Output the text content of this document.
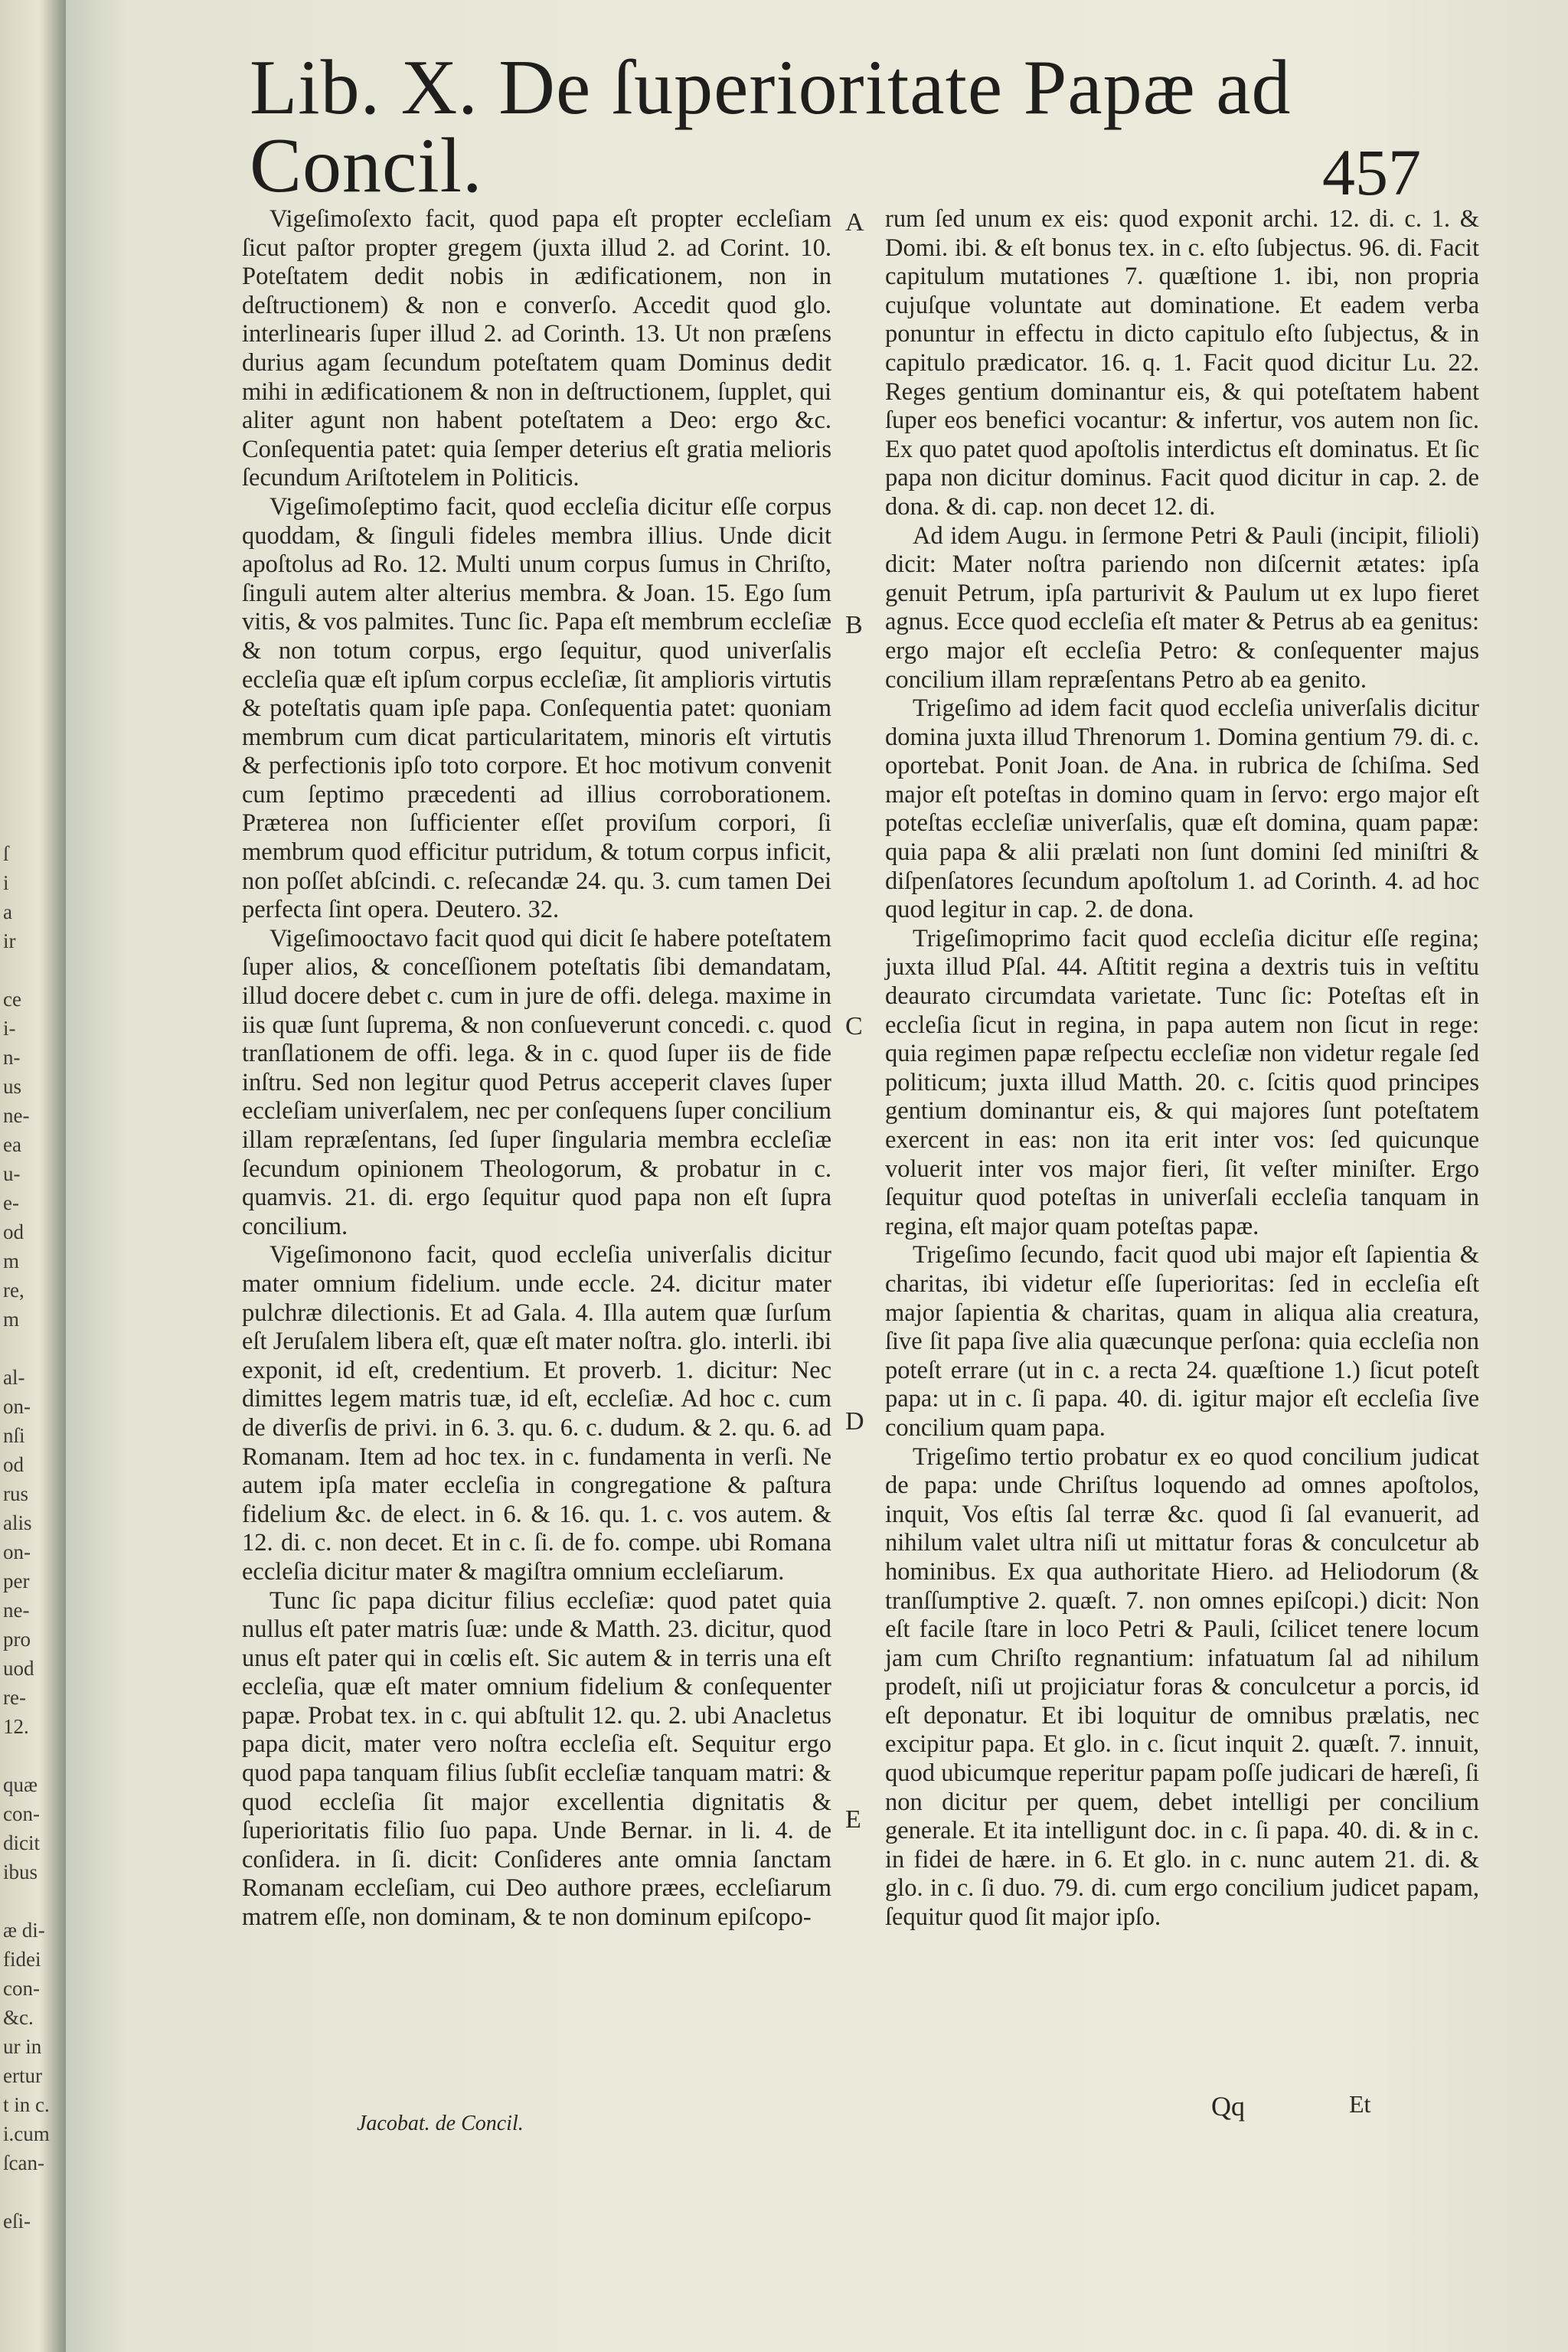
ſ
i
a
ir
ce
i-
n-
us
ne-
ea
u-
e-
od
m
re,
m
al-
on-
nſi
od
rus
alis
on-
per
ne-
pro
uod
re-
12.
quæ
con-
dicit
ibus
æ di-
fidei
con-
&c.
ur in
ertur
t in c.
i.cum
ſcan-
eſi-
Lib. X. De ſuperioritate Papæ ad Concil.	457

Vigeſimoſexto facit, quod papa eſt propter eccleſiam ſicut paſtor propter gregem (juxta illud 2. ad Corint. 10. Poteſtatem dedit nobis in ædificationem, non in deſtructionem) & non e converſo. Accedit quod glo. interlinearis ſuper illud 2. ad Corinth. 13. Ut non præſens durius agam ſecundum poteſtatem quam Dominus dedit mihi in ædificationem & non in deſtructionem, ſupplet, qui aliter agunt non habent poteſtatem a Deo: ergo &c. Conſequentia patet: quia ſemper deterius eſt gratia melioris ſecundum Ariſtotelem in Politicis.

Vigeſimoſeptimo facit, quod eccleſia dicitur eſſe corpus quoddam, & ſinguli fideles membra illius. Unde dicit apoſtolus ad Ro. 12. Multi unum corpus ſumus in Chriſto, ſinguli autem alter alterius membra. & Joan. 15. Ego ſum vitis, & vos palmites. Tunc ſic. Papa eſt membrum eccleſiæ & non totum corpus, ergo ſequitur, quod univerſalis eccleſia quæ eſt ipſum corpus eccleſiæ, ſit amplioris virtutis & poteſtatis quam ipſe papa. Conſequentia patet: quoniam membrum cum dicat particularitatem, minoris eſt virtutis & perfectionis ipſo toto corpore. Et hoc motivum convenit cum ſeptimo præcedenti ad illius corroborationem. Præterea non ſufficienter eſſet proviſum corpori, ſi membrum quod efficitur putridum, & totum corpus inficit, non poſſet abſcindi. c. reſecandæ 24. qu. 3. cum tamen Dei perfecta ſint opera. Deutero. 32.

Vigeſimooctavo facit quod qui dicit ſe habere poteſtatem ſuper alios, & conceſſionem poteſtatis ſibi demandatam, illud docere debet c. cum in jure de offi. delega. maxime in iis quæ ſunt ſuprema, & non conſueverunt concedi. c. quod tranſlationem de offi. lega. & in c. quod ſuper iis de fide inſtru. Sed non legitur quod Petrus acceperit claves ſuper eccleſiam univerſalem, nec per conſequens ſuper concilium illam repræſentans, ſed ſuper ſingularia membra eccleſiæ ſecundum opinionem Theologorum, & probatur in c. quamvis. 21. di. ergo ſequitur quod papa non eſt ſupra concilium.

Vigeſimonono facit, quod eccleſia univerſalis dicitur mater omnium fidelium. unde eccle. 24. dicitur mater pulchræ dilectionis. Et ad Gala. 4. Illa autem quæ ſurſum eſt Jeruſalem libera eſt, quæ eſt mater noſtra. glo. interli. ibi exponit, id eſt, credentium. Et proverb. 1. dicitur: Nec dimittes legem matris tuæ, id eſt, eccleſiæ. Ad hoc c. cum de diverſis de privi. in 6. 3. qu. 6. c. dudum. & 2. qu. 6. ad Romanam. Item ad hoc tex. in c. fundamenta in verſi. Ne autem ipſa mater eccleſia in congregatione & paſtura fidelium &c. de elect. in 6. & 16. qu. 1. c. vos autem. & 12. di. c. non decet. Et in c. ſi. de fo. compe. ubi Romana eccleſia dicitur mater & magiſtra omnium eccleſiarum.

Tunc ſic papa dicitur filius eccleſiæ: quod patet quia nullus eſt pater matris ſuæ: unde & Matth. 23. dicitur, quod unus eſt pater qui in cœlis eſt. Sic autem & in terris una eſt eccleſia, quæ eſt mater omnium fidelium & conſequenter papæ. Probat tex. in c. qui abſtulit 12. qu. 2. ubi Anacletus papa dicit, mater vero noſtra eccleſia eſt. Sequitur ergo quod papa tanquam filius ſubſit eccleſiæ tanquam matri: & quod eccleſia ſit major excellentia dignitatis & ſuperioritatis filio ſuo papa. Unde Bernar. in li. 4. de conſidera. in ſi. dicit: Conſideres ante omnia ſanctam Romanam eccleſiam, cui Deo authore præes, eccleſiarum matrem eſſe, non dominam, & te non dominum epiſcopo-

rum ſed unum ex eis: quod exponit archi. 12. di. c. 1. & Domi. ibi. & eſt bonus tex. in c. eſto ſubjectus. 96. di. Facit capitulum mutationes 7. quæſtione 1. ibi, non propria cujuſque voluntate aut dominatione. Et eadem verba ponuntur in effectu in dicto capitulo eſto ſubjectus, & in capitulo prædicator. 16. q. 1. Facit quod dicitur Lu. 22. Reges gentium dominantur eis, & qui poteſtatem habent ſuper eos benefici vocantur: & infertur, vos autem non ſic. Ex quo patet quod apoſtolis interdictus eſt dominatus. Et ſic papa non dicitur dominus. Facit quod dicitur in cap. 2. de dona. & di. cap. non decet 12. di.

Ad idem Augu. in ſermone Petri & Pauli (incipit, filioli) dicit: Mater noſtra pariendo non diſcernit ætates: ipſa genuit Petrum, ipſa parturivit & Paulum ut ex lupo fieret agnus. Ecce quod eccleſia eſt mater & Petrus ab ea genitus: ergo major eſt eccleſia Petro: & conſequenter majus concilium illam repræſentans Petro ab ea genito.

Trigeſimo ad idem facit quod eccleſia univerſalis dicitur domina juxta illud Threnorum 1. Domina gentium 79. di. c. oportebat. Ponit Joan. de Ana. in rubrica de ſchiſma. Sed major eſt poteſtas in domino quam in ſervo: ergo major eſt poteſtas eccleſiæ univerſalis, quæ eſt domina, quam papæ: quia papa & alii prælati non ſunt domini ſed miniſtri & diſpenſatores ſecundum apoſtolum 1. ad Corinth. 4. ad hoc quod legitur in cap. 2. de dona.

Trigeſimoprimo facit quod eccleſia dicitur eſſe regina; juxta illud Pſal. 44. Aſtitit regina a dextris tuis in veſtitu deaurato circumdata varietate. Tunc ſic: Poteſtas eſt in eccleſia ſicut in regina, in papa autem non ſicut in rege: quia regimen papæ reſpectu eccleſiæ non videtur regale ſed politicum; juxta illud Matth. 20. c. ſcitis quod principes gentium dominantur eis, & qui majores ſunt poteſtatem exercent in eas: non ita erit inter vos: ſed quicunque voluerit inter vos major fieri, ſit veſter miniſter. Ergo ſequitur quod poteſtas in univerſali eccleſia tanquam in regina, eſt major quam poteſtas papæ.

Trigeſimo ſecundo, facit quod ubi major eſt ſapientia & charitas, ibi videtur eſſe ſuperioritas: ſed in eccleſia eſt major ſapientia & charitas, quam in aliqua alia creatura, ſive ſit papa ſive alia quæcunque perſona: quia eccleſia non poteſt errare (ut in c. a recta 24. quæſtione 1.) ſicut poteſt papa: ut in c. ſi papa. 40. di. igitur major eſt eccleſia ſive concilium quam papa.

Trigeſimo tertio probatur ex eo quod concilium judicat de papa: unde Chriſtus loquendo ad omnes apoſtolos, inquit, Vos eſtis ſal terræ &c. quod ſi ſal evanuerit, ad nihilum valet ultra niſi ut mittatur foras & conculcetur ab hominibus. Ex qua authoritate Hiero. ad Heliodorum (& tranſſumptive 2. quæſt. 7. non omnes epiſcopi.) dicit: Non eſt facile ſtare in loco Petri & Pauli, ſcilicet tenere locum jam cum Chriſto regnantium: infatuatum ſal ad nihilum prodeſt, niſi ut projiciatur foras & conculcetur a porcis, id eſt deponatur. Et ibi loquitur de omnibus prælatis, nec excipitur papa. Et glo. in c. ſicut inquit 2. quæſt. 7. innuit, quod ubicumque reperitur papam poſſe judicari de hæreſi, ſi non dicitur per quem, debet intelligi per concilium generale. Et ita intelligunt doc. in c. ſi papa. 40. di. & in c. in fidei de hære. in 6. Et glo. in c. nunc autem 21. di. & glo. in c. ſi duo. 79. di. cum ergo concilium judicet papam, ſequitur quod ſit major ipſo.

A
B
C
D
E
Jacobat. de Concil.
Qq	Et
